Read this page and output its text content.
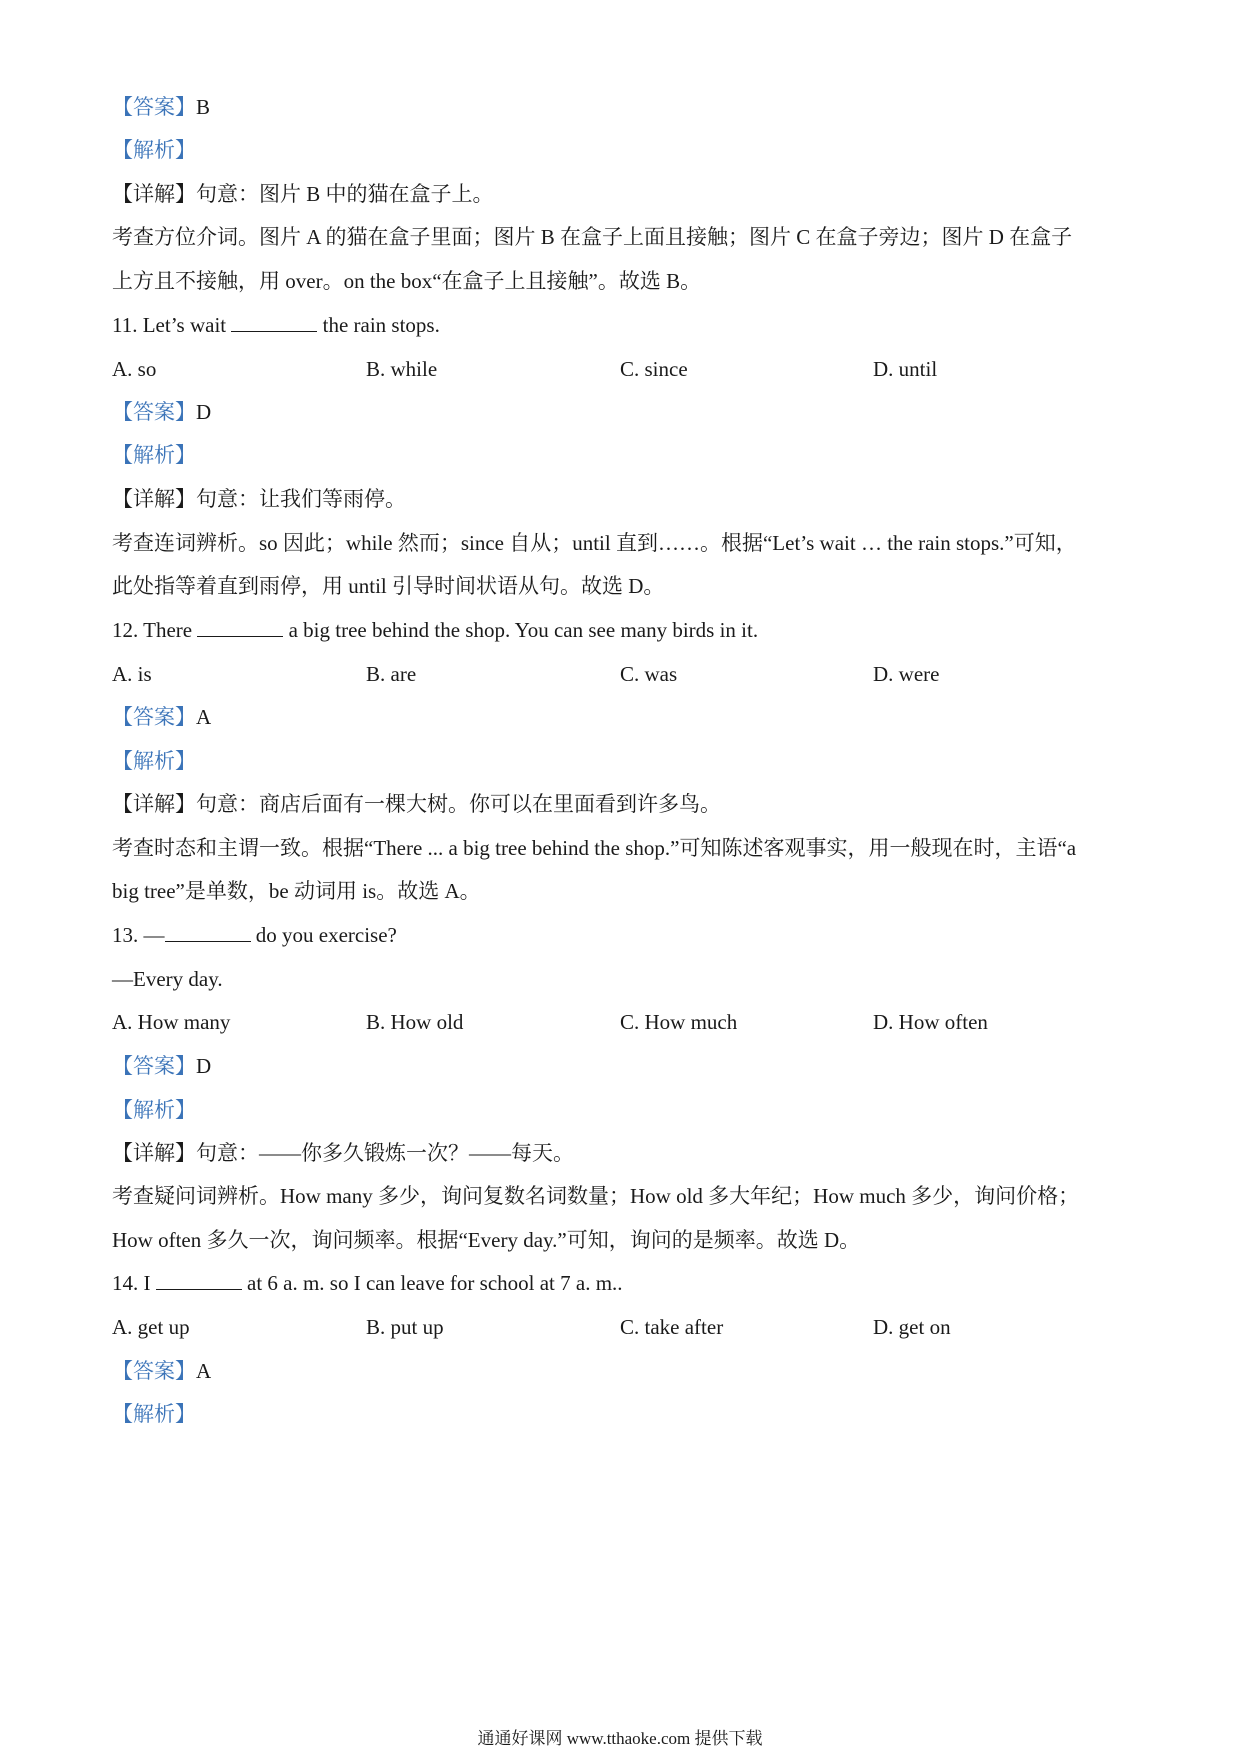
【答案】B
【解析】
【详解】句意：图片 B 中的猫在盒子上。
考查方位介词。图片 A 的猫在盒子里面；图片 B 在盒子上面且接触；图片 C 在盒子旁边；图片 D 在盒子
上方且不接触，用 over。on the box“在盒子上且接触”。故选 B。
11. Let’s wait	the rain stops.
A. so	B. while	C. since	D. until
【答案】D
【解析】
【详解】句意：让我们等雨停。
考查连词辨析。so 因此；while 然而；since 自从；until 直到……。根据“Let’s wait … the rain stops.”可知，
此处指等着直到雨停，用 until 引导时间状语从句。故选 D。
12. There	a big tree behind the shop. You can see many birds in it.
A. is	B. are	C. was	D. were
【答案】A
【解析】
【详解】句意：商店后面有一棵大树。你可以在里面看到许多鸟。
考查时态和主谓一致。根据“There ... a big tree behind the shop.”可知陈述客观事实，用一般现在时，主语“a
big tree”是单数，be 动词用 is。故选 A。
13. —	do you exercise?
—Every day.
A. How many	B. How old	C. How much	D. How often
【答案】D
【解析】
【详解】句意：——你多久锻炼一次？——每天。
考查疑问词辨析。How many 多少，询问复数名词数量；How old 多大年纪；How much 多少，询问价格；
How often 多久一次，询问频率。根据“Every day.”可知，询问的是频率。故选 D。
14. I	at 6 a. m. so I can leave for school at 7 a. m..
A. get up	B. put up	C. take after	D. get on
【答案】A
【解析】
通通好课网 www.tthaoke.com 提供下载
